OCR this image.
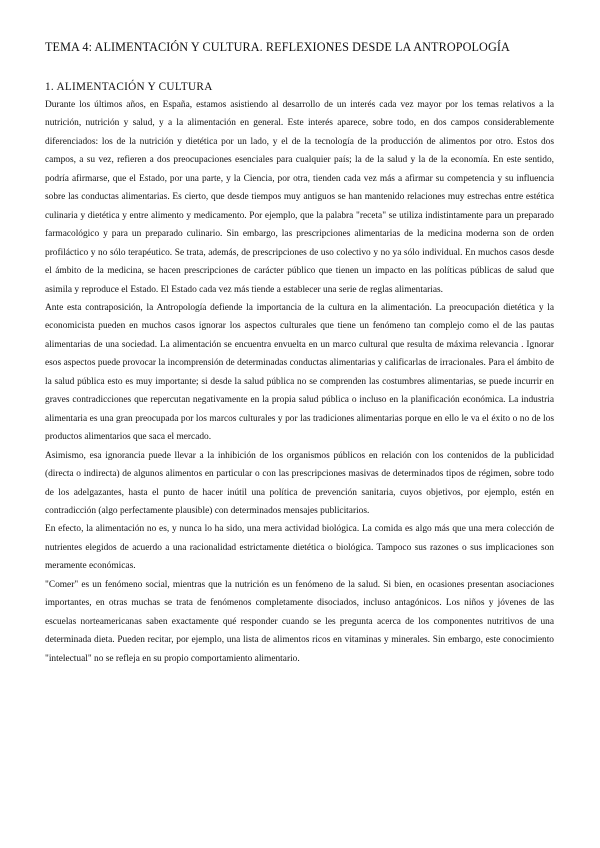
TEMA 4: ALIMENTACIÓN Y CULTURA. REFLEXIONES DESDE LA ANTROPOLOGÍA
1. ALIMENTACIÓN Y CULTURA

Durante los últimos años, en España, estamos asistiendo al desarrollo de un interés cada vez mayor por los temas relativos a la nutrición, nutrición y salud, y a la alimentación en general. Este interés aparece, sobre todo, en dos campos considerablemente diferenciados: los de la nutrición y dietética por un lado, y el de la tecnología de la producción de alimentos por otro. Estos dos campos, a su vez, refieren a dos preocupaciones esenciales para cualquier país; la de la salud y la de la economía. En este sentido, podría afirmarse, que el Estado, por una parte, y la Ciencia, por otra, tienden cada vez más a afirmar su competencia y su influencia sobre las conductas alimentarias. Es cierto, que desde tiempos muy antiguos se han mantenido relaciones muy estrechas entre estética culinaria y dietética y entre alimento y medicamento. Por ejemplo, que la palabra "receta" se utiliza indistintamente para un preparado farmacológico y para un preparado culinario. Sin embargo, las prescripciones alimentarias de la medicina moderna son de orden profiláctico y no sólo terapéutico. Se trata, además, de prescripciones de uso colectivo y no ya sólo individual. En muchos casos desde el ámbito de la medicina, se hacen prescripciones de carácter público que tienen un impacto en las políticas públicas de salud que asimila y reproduce el Estado. El Estado cada vez más tiende a establecer una serie de reglas alimentarias.

Ante esta contraposición, la Antropología defiende la importancia de la cultura en la alimentación. La preocupación dietética y la economicista pueden en muchos casos ignorar los aspectos culturales que tiene un fenómeno tan complejo como el de las pautas alimentarias de una sociedad. La alimentación se encuentra envuelta en un marco cultural que resulta de máxima relevancia . Ignorar esos aspectos puede provocar la incomprensión de determinadas conductas alimentarias y calificarlas de irracionales. Para el ámbito de la salud pública esto es muy importante; si desde la salud pública no se comprenden las costumbres alimentarias, se puede incurrir en graves contradicciones que repercutan negativamente en la propia salud pública o incluso en la planificación económica. La industria alimentaria es una gran preocupada por los marcos culturales y por las tradiciones alimentarias porque en ello le va el éxito o no de los productos alimentarios que saca el mercado.

Asimismo, esa ignorancia puede llevar a la inhibición de los organismos públicos en relación con los contenidos de la publicidad (directa o indirecta) de algunos alimentos en particular o con las prescripciones masivas de determinados tipos de régimen, sobre todo de los adelgazantes, hasta el punto de hacer inútil una política de prevención sanitaria, cuyos objetivos, por ejemplo, estén en contradicción (algo perfectamente plausible) con determinados mensajes publicitarios.

En efecto, la alimentación no es, y nunca lo ha sido, una mera actividad biológica. La comida es algo más que una mera colección de nutrientes elegidos de acuerdo a una racionalidad estrictamente dietética o biológica. Tampoco sus razones o sus implicaciones son meramente económicas.

"Comer" es un fenómeno social, mientras que la nutrición es un fenómeno de la salud. Si bien, en ocasiones presentan asociaciones importantes, en otras muchas se trata de fenómenos completamente disociados, incluso antagónicos. Los niños y jóvenes de las escuelas norteamericanas saben exactamente qué responder cuando se les pregunta acerca de los componentes nutritivos de una determinada dieta. Pueden recitar, por ejemplo, una lista de alimentos ricos en vitaminas y minerales. Sin embargo, este conocimiento "intelectual" no se refleja en su propio comportamiento alimentario.
